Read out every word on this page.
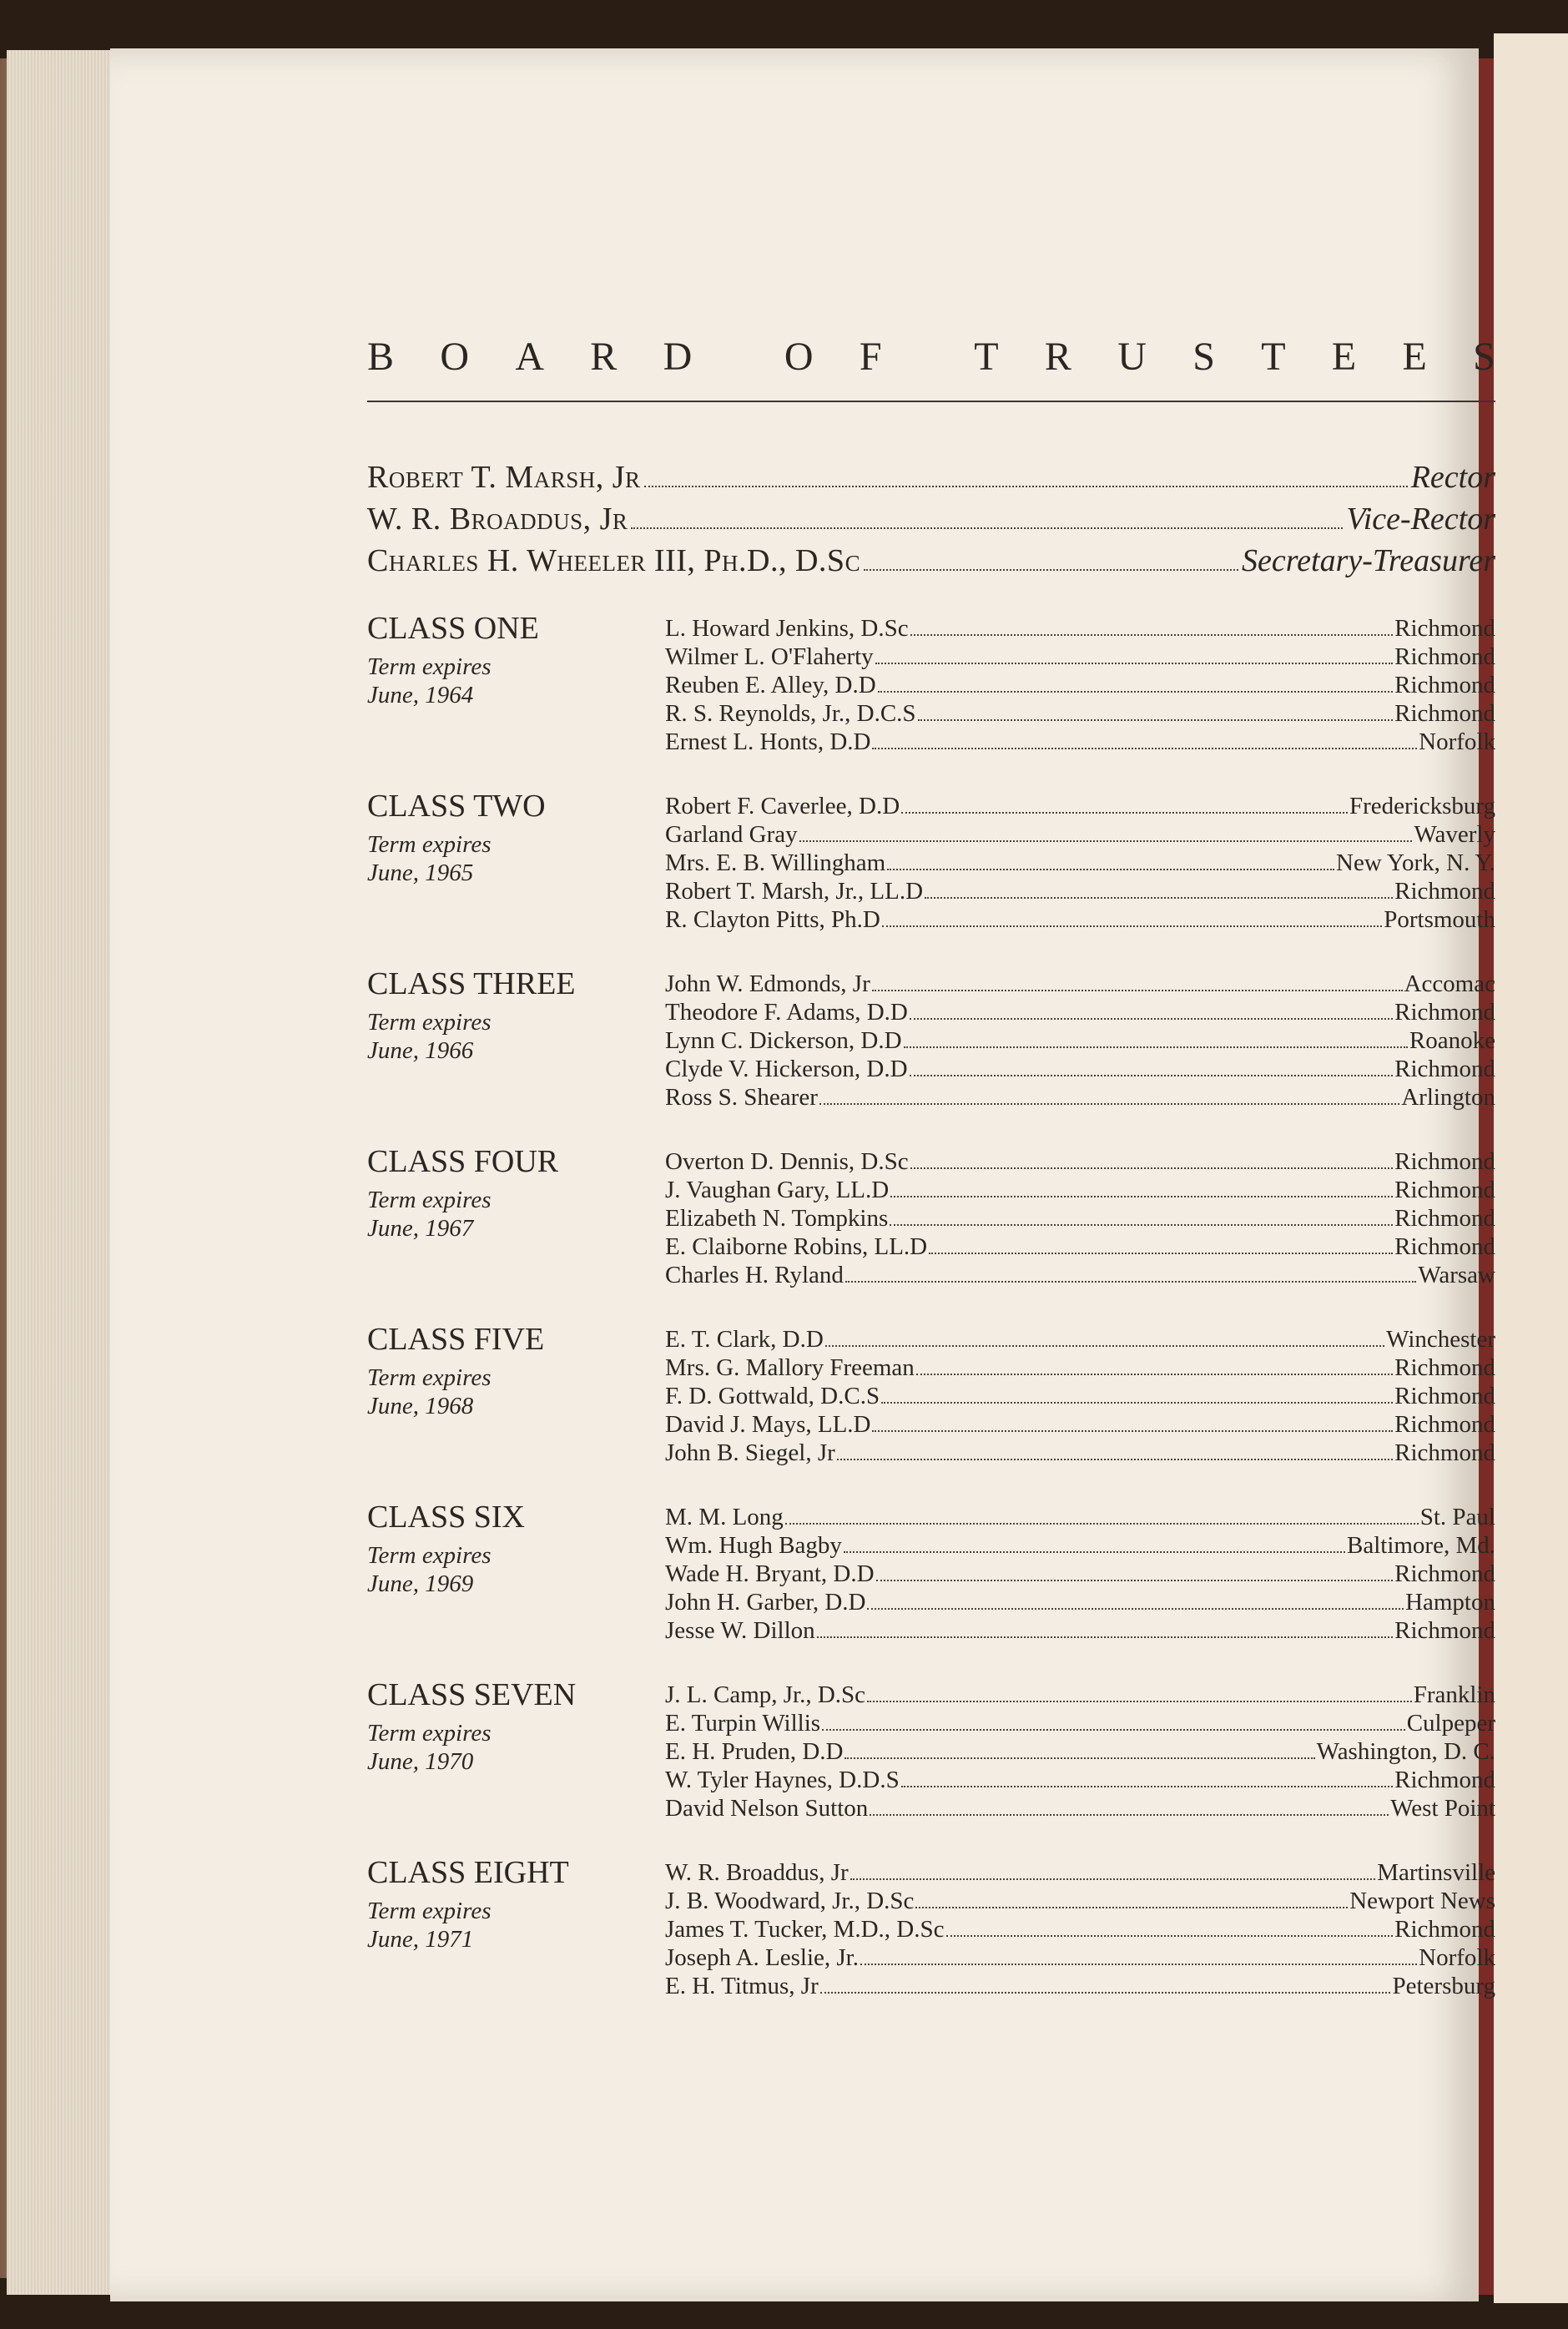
B O A R D O F T R U S T E E S
Robert T. Marsh, Jr	Rector
W. R. Broaddus, Jr	Vice-Rector
Charles H. Wheeler III, Ph.D., D.Sc	Secretary-Treasurer
CLASS ONE
Term expires
June, 1964
L. Howard Jenkins, D.Sc	Richmond
Wilmer L. O'Flaherty	Richmond
Reuben E. Alley, D.D	Richmond
R. S. Reynolds, Jr., D.C.S	Richmond
Ernest L. Honts, D.D	Norfolk
CLASS TWO
Term expires
June, 1965
Robert F. Caverlee, D.D	Fredericksburg
Garland Gray	Waverly
Mrs. E. B. Willingham	New York, N. Y.
Robert T. Marsh, Jr., LL.D	Richmond
R. Clayton Pitts, Ph.D	Portsmouth
CLASS THREE
Term expires
June, 1966
John W. Edmonds, Jr	Accomac
Theodore F. Adams, D.D	Richmond
Lynn C. Dickerson, D.D	Roanoke
Clyde V. Hickerson, D.D	Richmond
Ross S. Shearer	Arlington
CLASS FOUR
Term expires
June, 1967
Overton D. Dennis, D.Sc	Richmond
J. Vaughan Gary, LL.D	Richmond
Elizabeth N. Tompkins	Richmond
E. Claiborne Robins, LL.D	Richmond
Charles H. Ryland	Warsaw
CLASS FIVE
Term expires
June, 1968
E. T. Clark, D.D	Winchester
Mrs. G. Mallory Freeman	Richmond
F. D. Gottwald, D.C.S	Richmond
David J. Mays, LL.D	Richmond
John B. Siegel, Jr	Richmond
CLASS SIX
Term expires
June, 1969
M. M. Long	St. Paul
Wm. Hugh Bagby	Baltimore, Md.
Wade H. Bryant, D.D	Richmond
John H. Garber, D.D	Hampton
Jesse W. Dillon	Richmond
CLASS SEVEN
Term expires
June, 1970
J. L. Camp, Jr., D.Sc	Franklin
E. Turpin Willis	Culpeper
E. H. Pruden, D.D	Washington, D. C.
W. Tyler Haynes, D.D.S	Richmond
David Nelson Sutton	West Point
CLASS EIGHT
Term expires
June, 1971
W. R. Broaddus, Jr	Martinsville
J. B. Woodward, Jr., D.Sc	Newport News
James T. Tucker, M.D., D.Sc	Richmond
Joseph A. Leslie, Jr.	Norfolk
E. H. Titmus, Jr	Petersburg
